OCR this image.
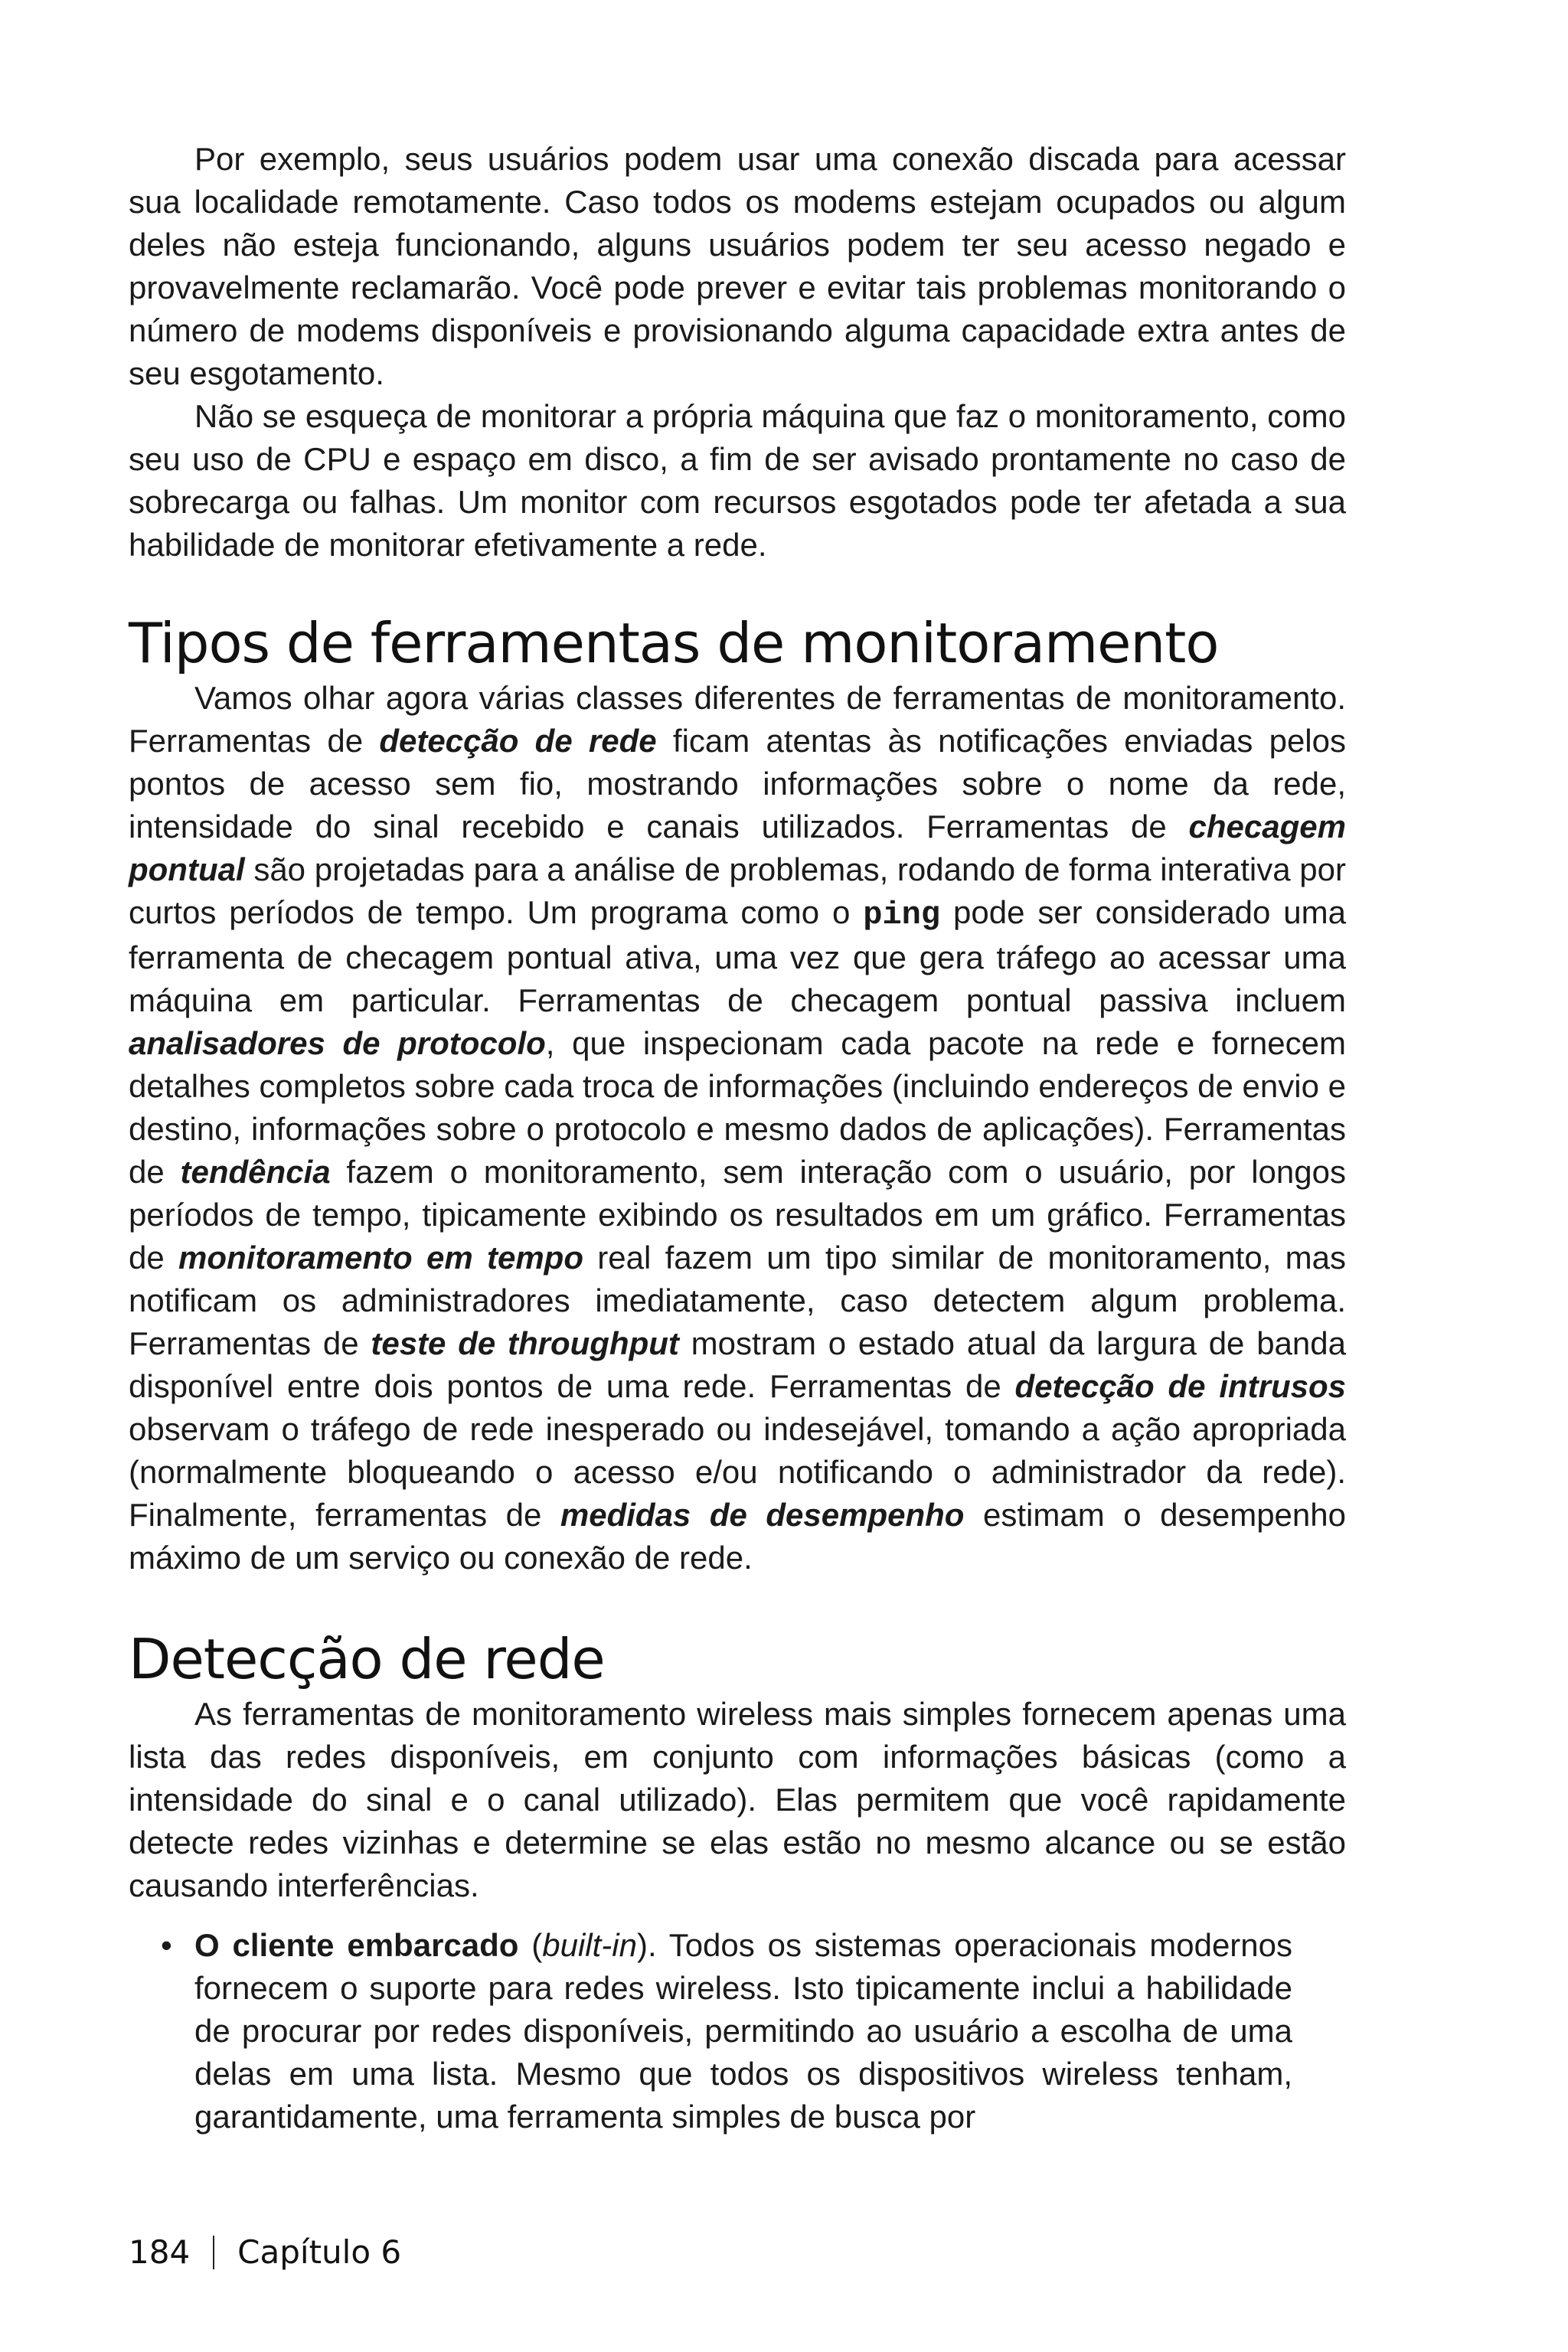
Por exemplo, seus usuários podem usar uma conexão discada para acessar sua localidade remotamente. Caso todos os modems estejam ocupados ou algum deles não esteja funcionando, alguns usuários podem ter seu acesso negado e provavelmente reclamarão. Você pode prever e evitar tais problemas monitorando o número de modems disponíveis e provisionando alguma capacidade extra antes de seu esgotamento.

Não se esqueça de monitorar a própria máquina que faz o monitoramento, como seu uso de CPU e espaço em disco, a fim de ser avisado prontamente no caso de sobrecarga ou falhas. Um monitor com recursos esgotados pode ter afetada a sua habilidade de monitorar efetivamente a rede.

Tipos de ferramentas de monitoramento

Vamos olhar agora várias classes diferentes de ferramentas de monitoramento. Ferramentas de detecção de rede ficam atentas às notificações enviadas pelos pontos de acesso sem fio, mostrando informações sobre o nome da rede, intensidade do sinal recebido e canais utilizados. Ferramentas de checagem pontual são projetadas para a análise de problemas, rodando de forma interativa por curtos períodos de tempo. Um programa como o ping pode ser considerado uma ferramenta de checagem pontual ativa, uma vez que gera tráfego ao acessar uma máquina em particular. Ferramentas de checagem pontual passiva incluem analisadores de protocolo, que inspecionam cada pacote na rede e fornecem detalhes completos sobre cada troca de informações (incluindo endereços de envio e destino, informações sobre o protocolo e mesmo dados de aplicações). Ferramentas de tendência fazem o monitoramento, sem interação com o usuário, por longos períodos de tempo, tipicamente exibindo os resultados em um gráfico. Ferramentas de monitoramento em tempo real fazem um tipo similar de monitoramento, mas notificam os administradores imediatamente, caso detectem algum problema. Ferramentas de teste de throughput mostram o estado atual da largura de banda disponível entre dois pontos de uma rede. Ferramentas de detecção de intrusos observam o tráfego de rede inesperado ou indesejável, tomando a ação apropriada (normalmente bloqueando o acesso e/ou notificando o administrador da rede). Finalmente, ferramentas de medidas de desempenho estimam o desempenho máximo de um serviço ou conexão de rede.

Detecção de rede

As ferramentas de monitoramento wireless mais simples fornecem apenas uma lista das redes disponíveis, em conjunto com informações básicas (como a intensidade do sinal e o canal utilizado). Elas permitem que você rapidamente detecte redes vizinhas e determine se elas estão no mesmo alcance ou se estão causando interferências.

• O cliente embarcado (built-in). Todos os sistemas operacionais modernos fornecem o suporte para redes wireless. Isto tipicamente inclui a habilidade de procurar por redes disponíveis, permitindo ao usuário a escolha de uma delas em uma lista. Mesmo que todos os dispositivos wireless tenham, garantidamente, uma ferramenta simples de busca por
184 Capítulo 6
